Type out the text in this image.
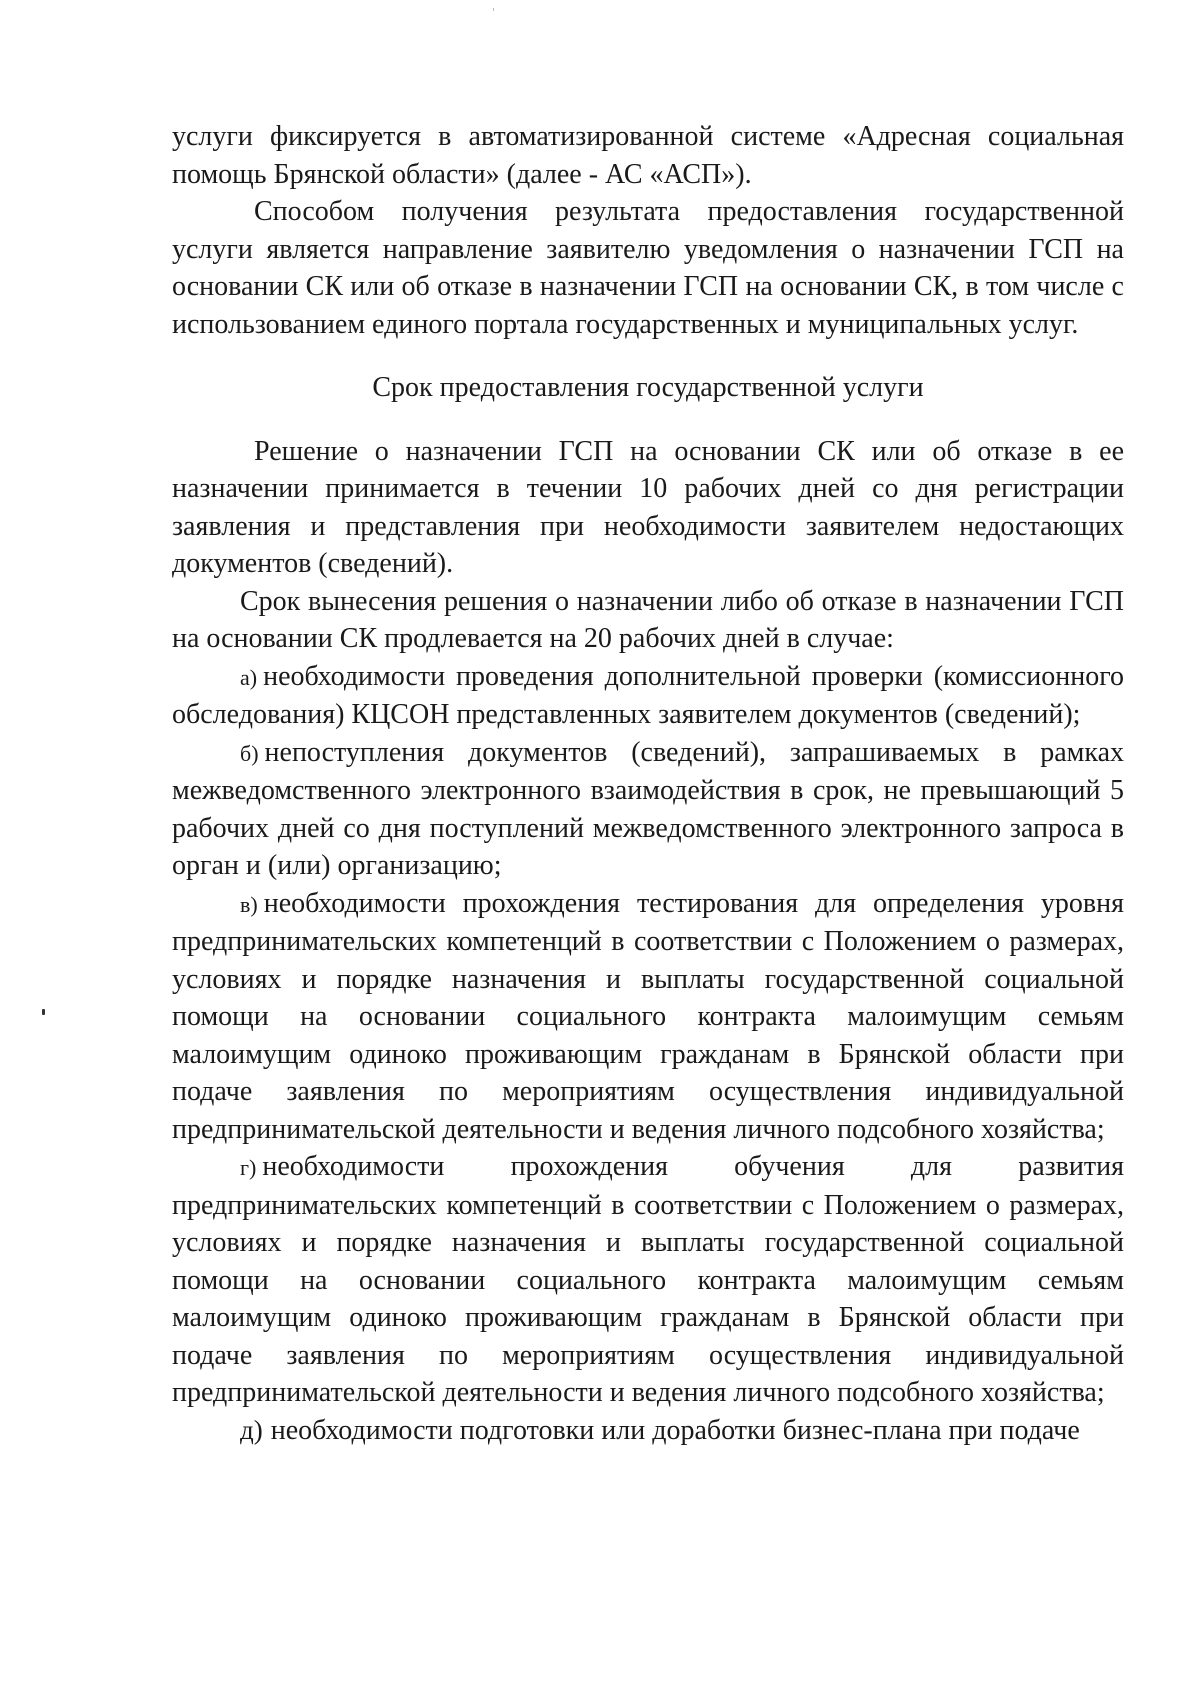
услуги фиксируется в автоматизированной системе «Адресная социальная помощь Брянской области» (далее - АС «АСП»).

Способом получения результата предоставления государственной услуги является направление заявителю уведомления о назначении ГСП на основании СК или об отказе в назначении ГСП на основании СК, в том числе с использованием единого портала государственных и муниципальных услуг.

Срок предоставления государственной услуги

Решение о назначении ГСП на основании СК или об отказе в ее назначении принимается в течении 10 рабочих дней со дня регистрации заявления и представления при необходимости заявителем недостающих документов (сведений).

Срок вынесения решения о назначении либо об отказе в назначении ГСП на основании СК продлевается на 20 рабочих дней в случае:

а) необходимости проведения дополнительной проверки (комиссионного обследования) КЦСОН представленных заявителем документов (сведений);

б) непоступления документов (сведений), запрашиваемых в рамках межведомственного электронного взаимодействия в срок, не превышающий 5 рабочих дней со дня поступлений межведомственного электронного запроса в орган и (или) организацию;

в) необходимости прохождения тестирования для определения уровня предпринимательских компетенций в соответствии с Положением о размерах, условиях и порядке назначения и выплаты государственной социальной помощи на основании социального контракта малоимущим семьям малоимущим одиноко проживающим гражданам в Брянской области при подаче заявления по мероприятиям осуществления индивидуальной предпринимательской деятельности и ведения личного подсобного хозяйства;

г) необходимости прохождения обучения для развития предпринимательских компетенций в соответствии с Положением о размерах, условиях и порядке назначения и выплаты государственной социальной помощи на основании социального контракта малоимущим семьям малоимущим одиноко проживающим гражданам в Брянской области при подаче заявления по мероприятиям осуществления индивидуальной предпринимательской деятельности и ведения личного подсобного хозяйства;

д) необходимости подготовки или доработки бизнес-плана при подаче
